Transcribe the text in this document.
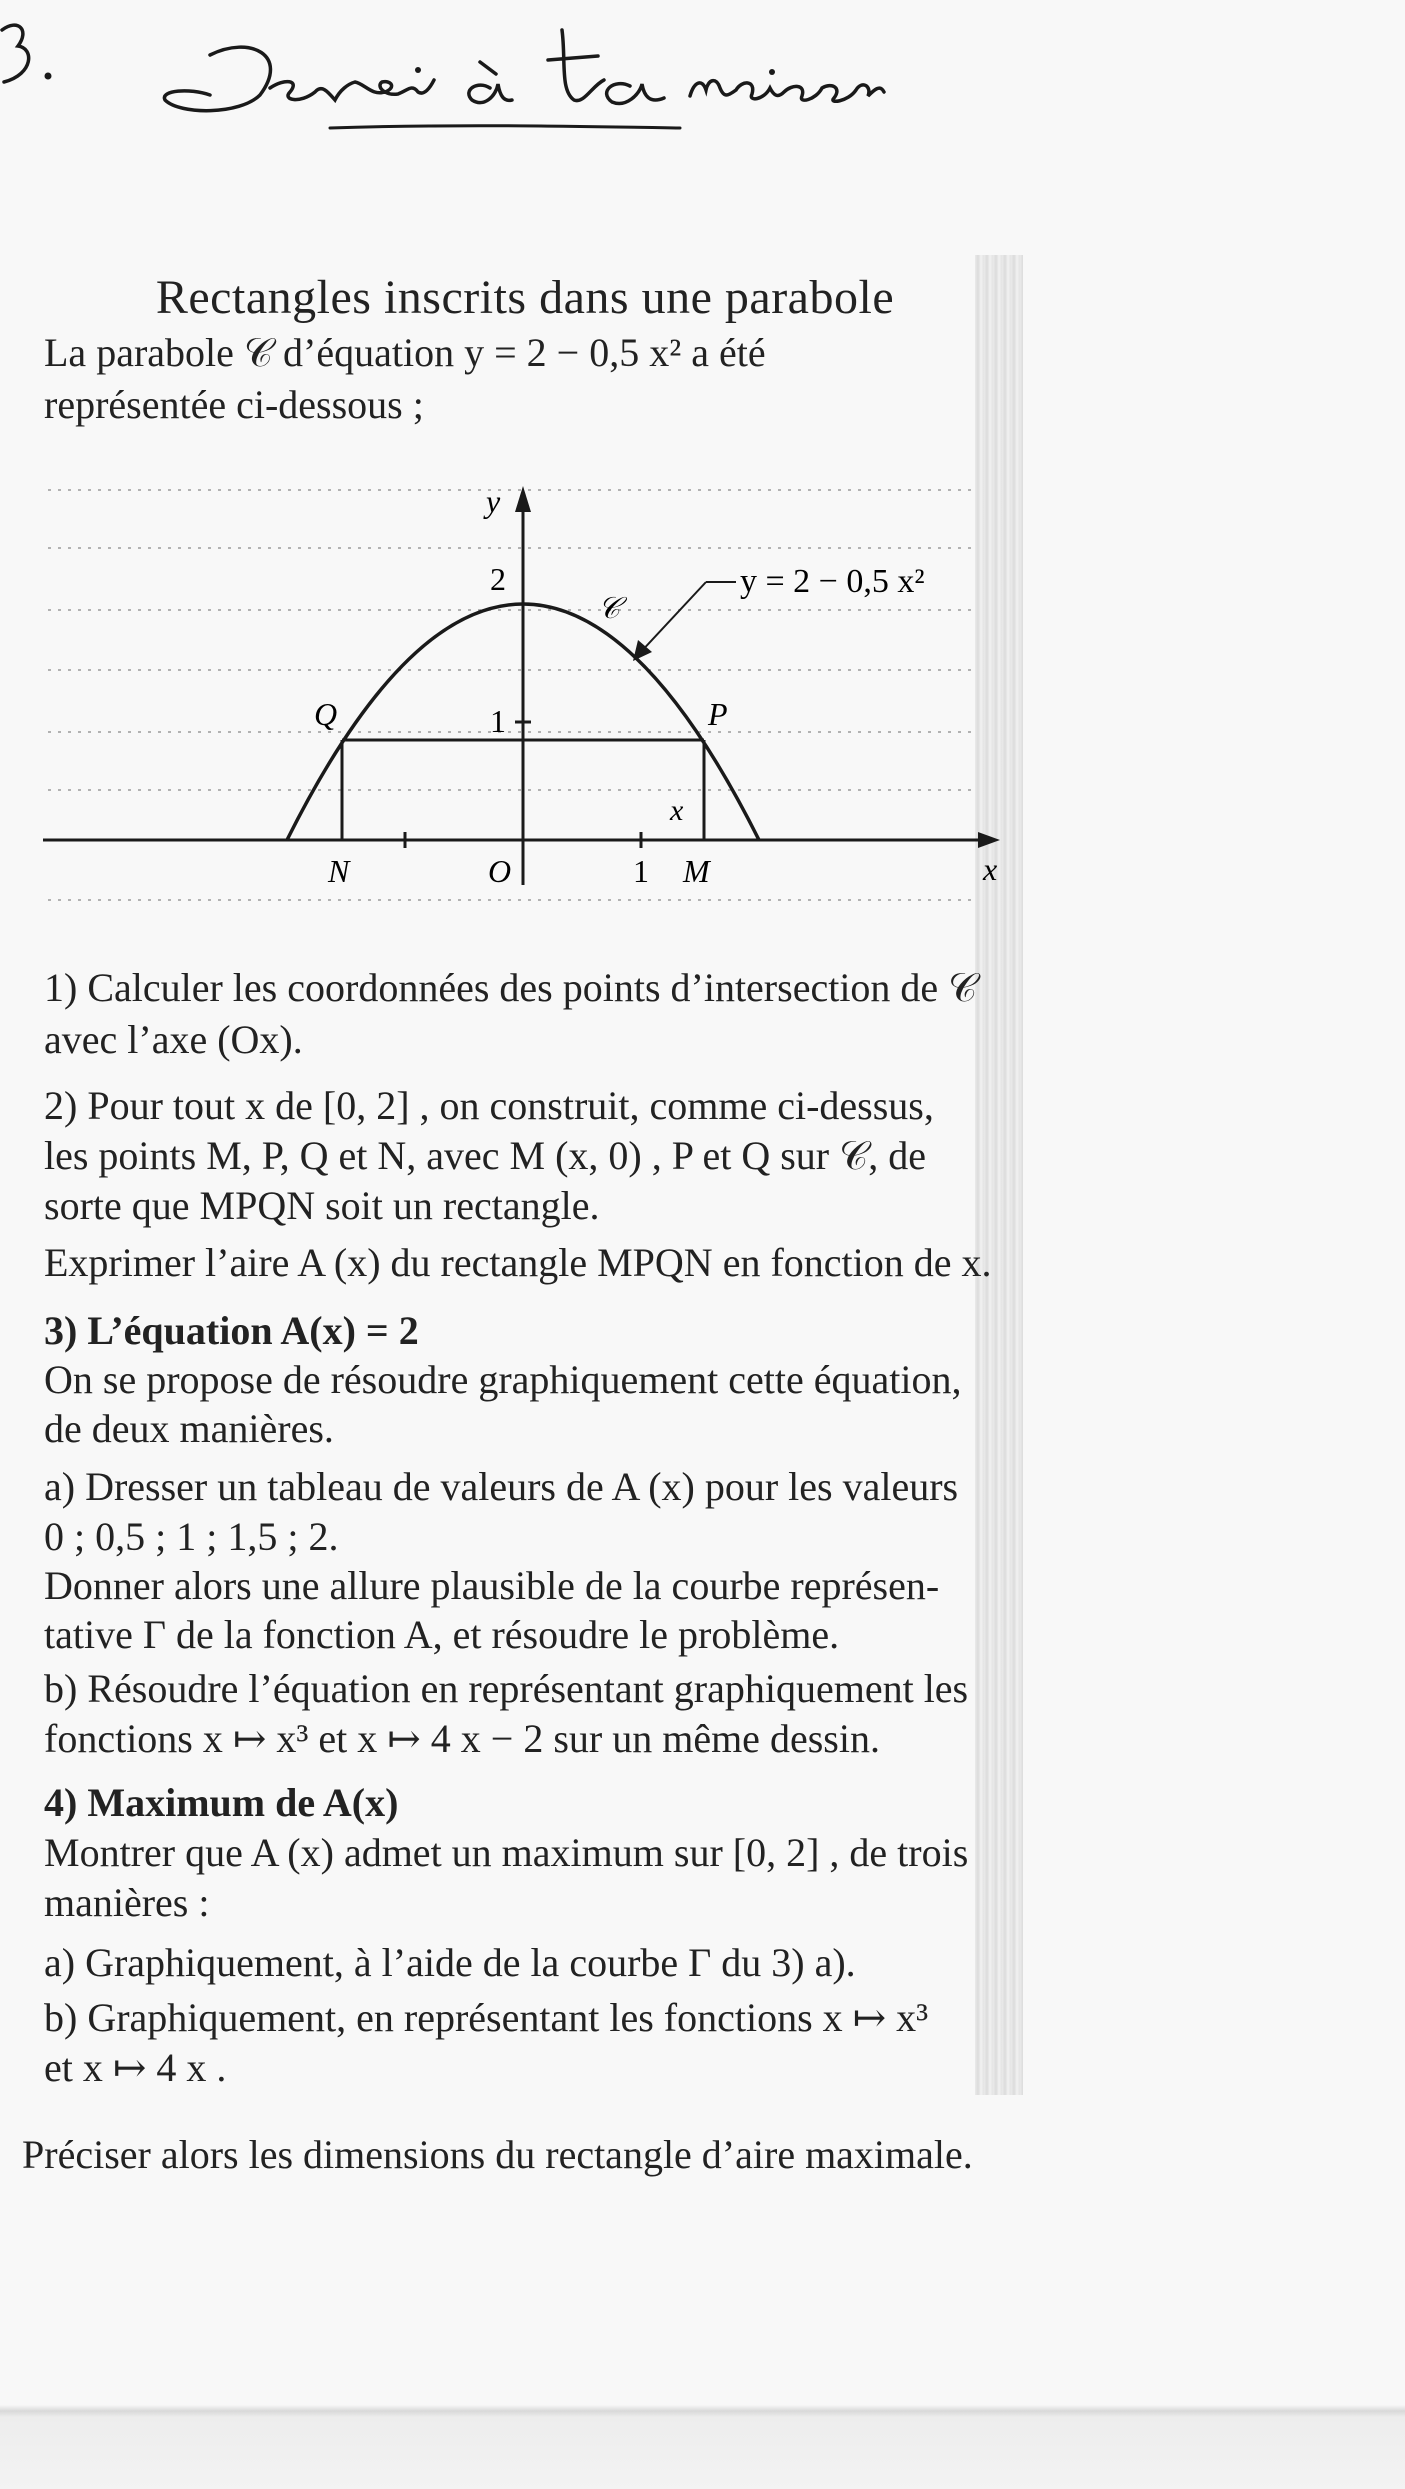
Rectangles inscrits dans une parabole
La parabole 𝒞 d’équation y = 2 − 0,5 x² a été
représentée ci-dessous ;
y = 2 − 0,5 x²
𝒞
y
x
2
1
1
O
Q	P
N	M
x
1) Calculer les coordonnées des points d’intersection de 𝒞
avec l’axe (Ox).
2) Pour tout x de [0, 2] , on construit, comme ci-dessus,
les points M, P, Q et N, avec M (x, 0) , P et Q sur 𝒞, de
sorte que MPQN soit un rectangle.
Exprimer l’aire A (x) du rectangle MPQN en fonction de x.
3) L’équation A(x) = 2
On se propose de résoudre graphiquement cette équation,
de deux manières.
a) Dresser un tableau de valeurs de A (x) pour les valeurs
0 ; 0,5 ; 1 ; 1,5 ; 2.
Donner alors une allure plausible de la courbe représen-
tative Γ de la fonction A, et résoudre le problème.
b) Résoudre l’équation en représentant graphiquement les
fonctions x ↦ x³ et x ↦ 4 x − 2 sur un même dessin.
4) Maximum de A(x)
Montrer que A (x) admet un maximum sur [0, 2] , de trois
manières :
a) Graphiquement, à l’aide de la courbe Γ du 3) a).
b) Graphiquement, en représentant les fonctions x ↦ x³
et x ↦ 4 x .
Préciser alors les dimensions du rectangle d’aire maximale.
